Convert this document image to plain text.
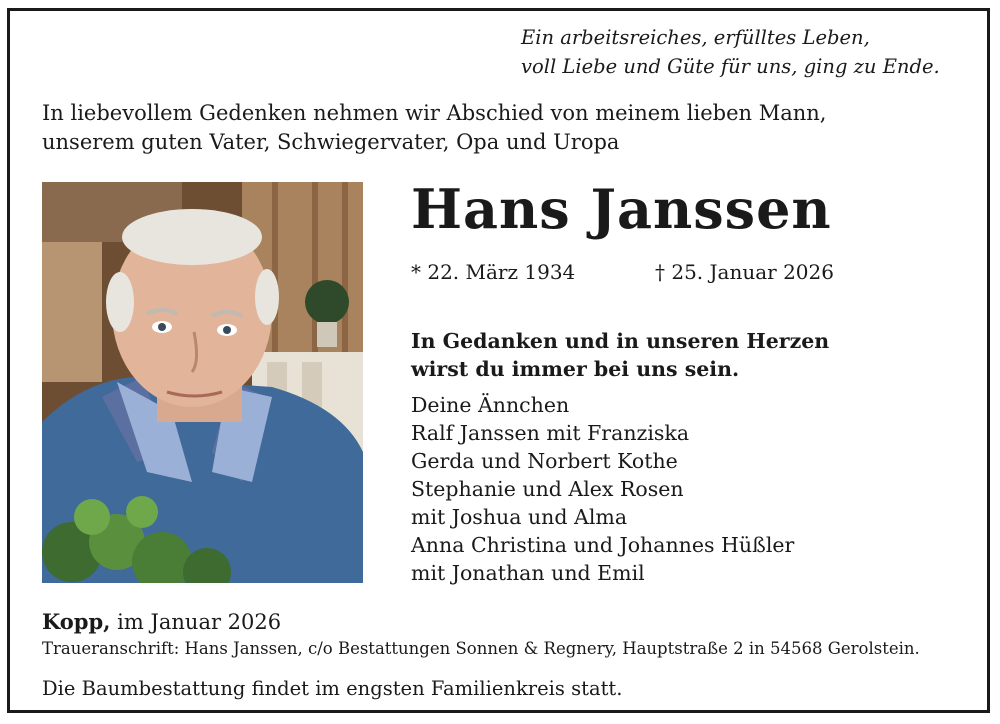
Ein arbeitsreiches, erfülltes Leben,
voll Liebe und Güte für uns, ging zu Ende.
In liebevollem Gedenken nehmen wir Abschied von meinem lieben Mann,
unserem guten Vater, Schwiegervater, Opa und Uropa
Hans Janssen
* 22. März 1934	† 25. Januar 2026
In Gedanken und in unseren Herzen
wirst du immer bei uns sein.
Deine Ännchen
Ralf Janssen mit Franziska
Gerda und Norbert Kothe
Stephanie und Alex Rosen
mit Joshua und Alma
Anna Christina und Johannes Hüßler
mit Jonathan und Emil
Kopp, im Januar 2026
Traueranschrift: Hans Janssen, c/o Bestattungen Sonnen & Regnery, Hauptstraße 2 in 54568 Gerolstein.
Die Baumbestattung findet im engsten Familienkreis statt.
